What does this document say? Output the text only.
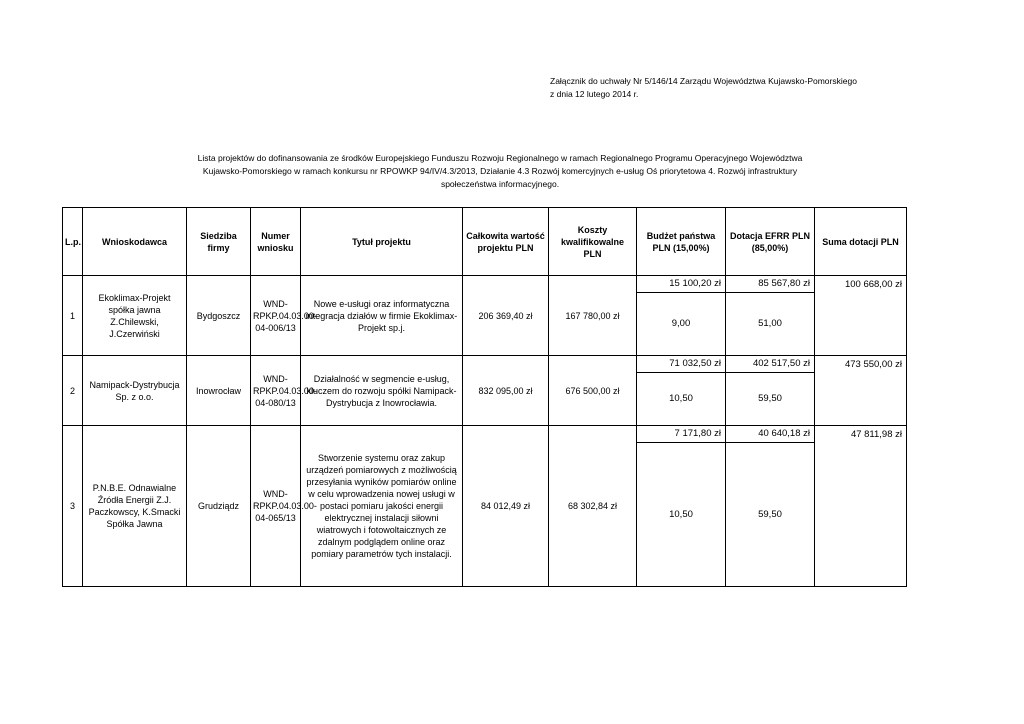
Załącznik do uchwały Nr 5/146/14 Zarządu Województwa Kujawsko-Pomorskiego
z dnia 12 lutego 2014 r.
Lista projektów do dofinansowania ze środków Europejskiego Funduszu Rozwoju Regionalnego w ramach Regionalnego Programu Operacyjnego Województwa
Kujawsko-Pomorskiego w ramach konkursu nr RPOWKP 94/IV/4.3/2013, Działanie 4.3 Rozwój komercyjnych e-usług Oś priorytetowa 4. Rozwój infrastruktury
społeczeństwa informacyjnego.
L.p.	Wnioskodawca	Siedziba firmy	Numer wniosku	Tytuł projektu	Całkowita wartość projektu PLN	Koszty kwalifikowalne PLN	Budżet państwa PLN (15,00%)	Dotacja EFRR PLN (85,00%)	Suma dotacji PLN
1	Ekoklimax-Projekt spółka jawna Z.Chilewski, J.Czerwiński	Bydgoszcz	WND-RPKP.04.03.00-04-006/13	Nowe e-usługi oraz informatyczna integracja działów w firmie Ekoklimax-Projekt sp.j.	206 369,40 zł	167 780,00 zł	15 100,20 zł	85 567,80 zł	100 668,00 zł
							9,00	51,00	
2	Namipack-Dystrybucja Sp. z o.o.	Inowrocław	WND-RPKP.04.03.00-04-080/13	Działalność w segmencie e-usług, kluczem do rozwoju spółki Namipack-Dystrybucja z Inowrocławia.	832 095,00 zł	676 500,00 zł	71 032,50 zł	402 517,50 zł	473 550,00 zł
							10,50	59,50	
3	P.N.B.E. Odnawialne Źródła Energii Z.J. Paczkowscy, K.Smacki Spółka Jawna	Grudziądz	WND-RPKP.04.03.00-04-065/13	Stworzenie systemu oraz zakup urządzeń pomiarowych z możliwością przesyłania wyników pomiarów online w celu wprowadzenia nowej usługi w postaci pomiaru jakości energii elektrycznej instalacji siłowni wiatrowych i fotowoltaicznych ze zdalnym podglądem online oraz pomiary parametrów tych instalacji.	84 012,49 zł	68 302,84 zł	7 171,80 zł	40 640,18 zł	47 811,98 zł
							10,50	59,50	
